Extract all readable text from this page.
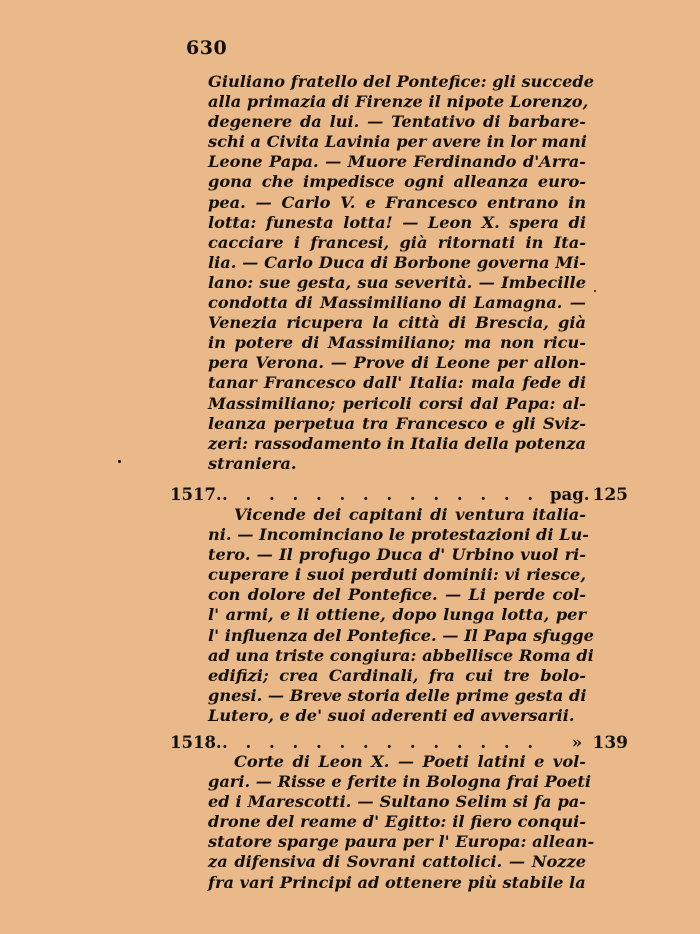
630
Giuliano fratello del Pontefice: gli succede
alla primazia di Firenze il nipote Lorenzo,
degenere da lui. — Tentativo di barbare-
schi a Civita Lavinia per avere in lor mani
Leone Papa. — Muore Ferdinando d'Arra-
gona che impedisce ogni alleanza euro-
pea. — Carlo V. e Francesco entrano in
lotta: funesta lotta! — Leon X. spera di
cacciare i francesi, già ritornati in Ita-
lia. — Carlo Duca di Borbone governa Mi-
lano: sue gesta, sua severità. — Imbecille
condotta di Massimiliano di Lamagna. —
Venezia ricupera la città di Brescia, già
in potere di Massimiliano; ma non ricu-
pera Verona. — Prove di Leone per allon-
tanar Francesco dall' Italia: mala fede di
Massimiliano; pericoli corsi dal Papa: al-
leanza perpetua tra Francesco e gli Sviz-
zeri: rassodamento in Italia della potenza
straniera.
1517. . . .	pag. 125
Vicende dei capitani di ventura italia-
ni. — Incominciano le protestazioni di Lu-
tero. — Il profugo Duca d' Urbino vuol ri-
cuperare i suoi perduti dominii: vi riesce,
con dolore del Pontefice. — Li perde col-
l' armi, e li ottiene, dopo lunga lotta, per
l' influenza del Pontefice. — Il Papa sfugge
ad una triste congiura: abbellisce Roma di
edifizi; crea Cardinali, fra cui tre bolo-
gnesi. — Breve storia delle prime gesta di
Lutero, e de' suoi aderenti ed avversarii.
1518. . . .	» 139
Corte di Leon X. — Poeti latini e vol-
gari. — Risse e ferite in Bologna frai Poeti
ed i Marescotti. — Sultano Selim si fa pa-
drone del reame d' Egitto: il fiero conqui-
statore sparge paura per l' Europa: allean-
za difensiva di Sovrani cattolici. — Nozze
fra vari Principi ad ottenere più stabile la
